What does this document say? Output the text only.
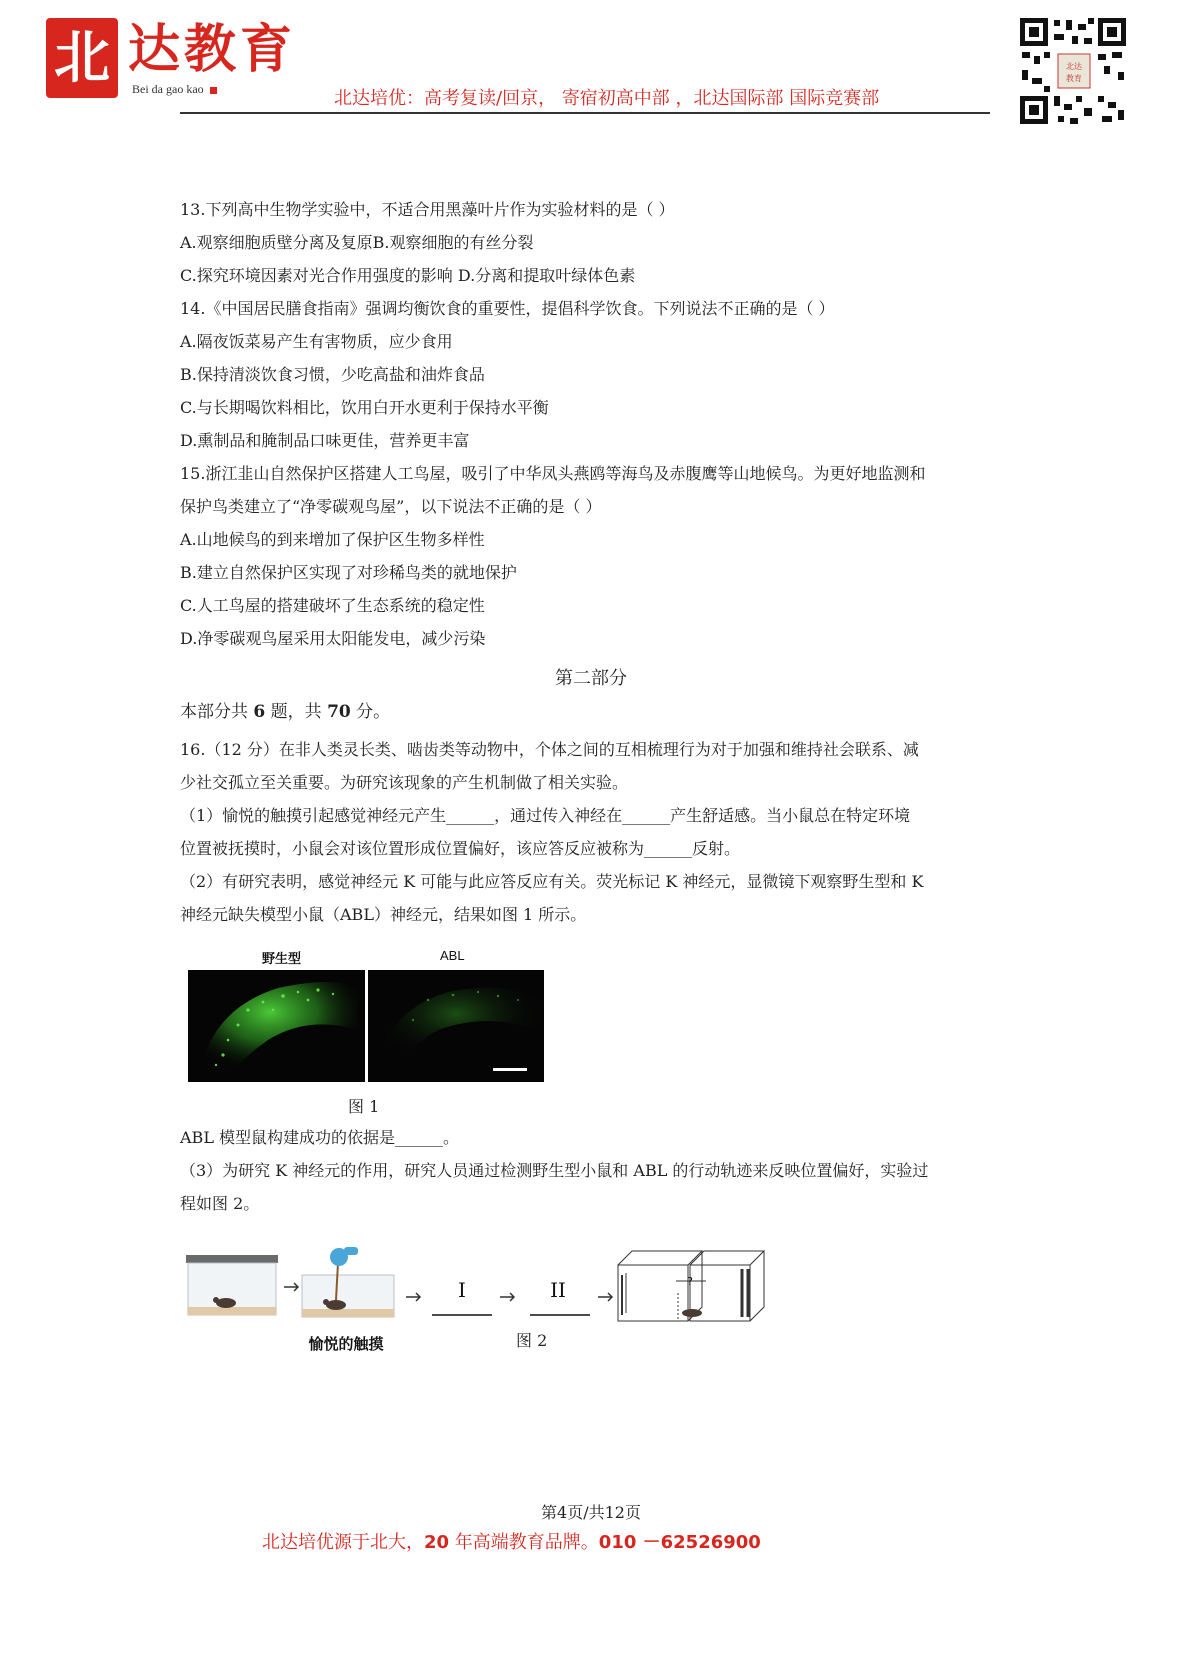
北 达教育
Bei da gao kao	北达培优：高考复读/回京， 寄宿初高中部 ，北达国际部 国际竞赛部
北达
教育
13.下列高中生物学实验中，不适合用黑藻叶片作为实验材料的是（ ）
A.观察细胞质壁分离及复原B.观察细胞的有丝分裂
C.探究环境因素对光合作用强度的影响 D.分离和提取叶绿体色素
14.《中国居民膳食指南》强调均衡饮食的重要性，提倡科学饮食。下列说法不正确的是（ ）
A.隔夜饭菜易产生有害物质，应少食用
B.保持清淡饮食习惯，少吃高盐和油炸食品
C.与长期喝饮料相比，饮用白开水更利于保持水平衡
D.熏制品和腌制品口味更佳，营养更丰富
15.浙江韭山自然保护区搭建人工鸟屋，吸引了中华凤头燕鸥等海鸟及赤腹鹰等山地候鸟。为更好地监测和
保护鸟类建立了“净零碳观鸟屋”，以下说法不正确的是（ ）
A.山地候鸟的到来增加了保护区生物多样性
B.建立自然保护区实现了对珍稀鸟类的就地保护
C.人工鸟屋的搭建破坏了生态系统的稳定性
D.净零碳观鸟屋采用太阳能发电，减少污染
第二部分
本部分共 6 题，共 70 分。
16.（12 分）在非人类灵长类、啮齿类等动物中，个体之间的互相梳理行为对于加强和维持社会联系、减
少社交孤立至关重要。为研究该现象的产生机制做了相关实验。
（1）愉悦的触摸引起感觉神经元产生______，通过传入神经在______产生舒适感。当小鼠总在特定环境
位置被抚摸时，小鼠会对该位置形成位置偏好，该应答反应被称为______反射。
（2）有研究表明，感觉神经元 K 可能与此应答反应有关。荧光标记 K 神经元，显微镜下观察野生型和 K
神经元缺失模型小鼠（ABL）神经元，结果如图 1 所示。
野生型	ABL
图 1
ABL 模型鼠构建成功的依据是______。
（3）为研究 K 神经元的作用，研究人员通过检测野生型小鼠和 ABL 的行动轨迹来反映位置偏好，实验过
程如图 2。
愉悦的触摸
I	II	?
图 2
第4页/共12页
北达培优源于北大，20 年高端教育品牌。010 －62526900
